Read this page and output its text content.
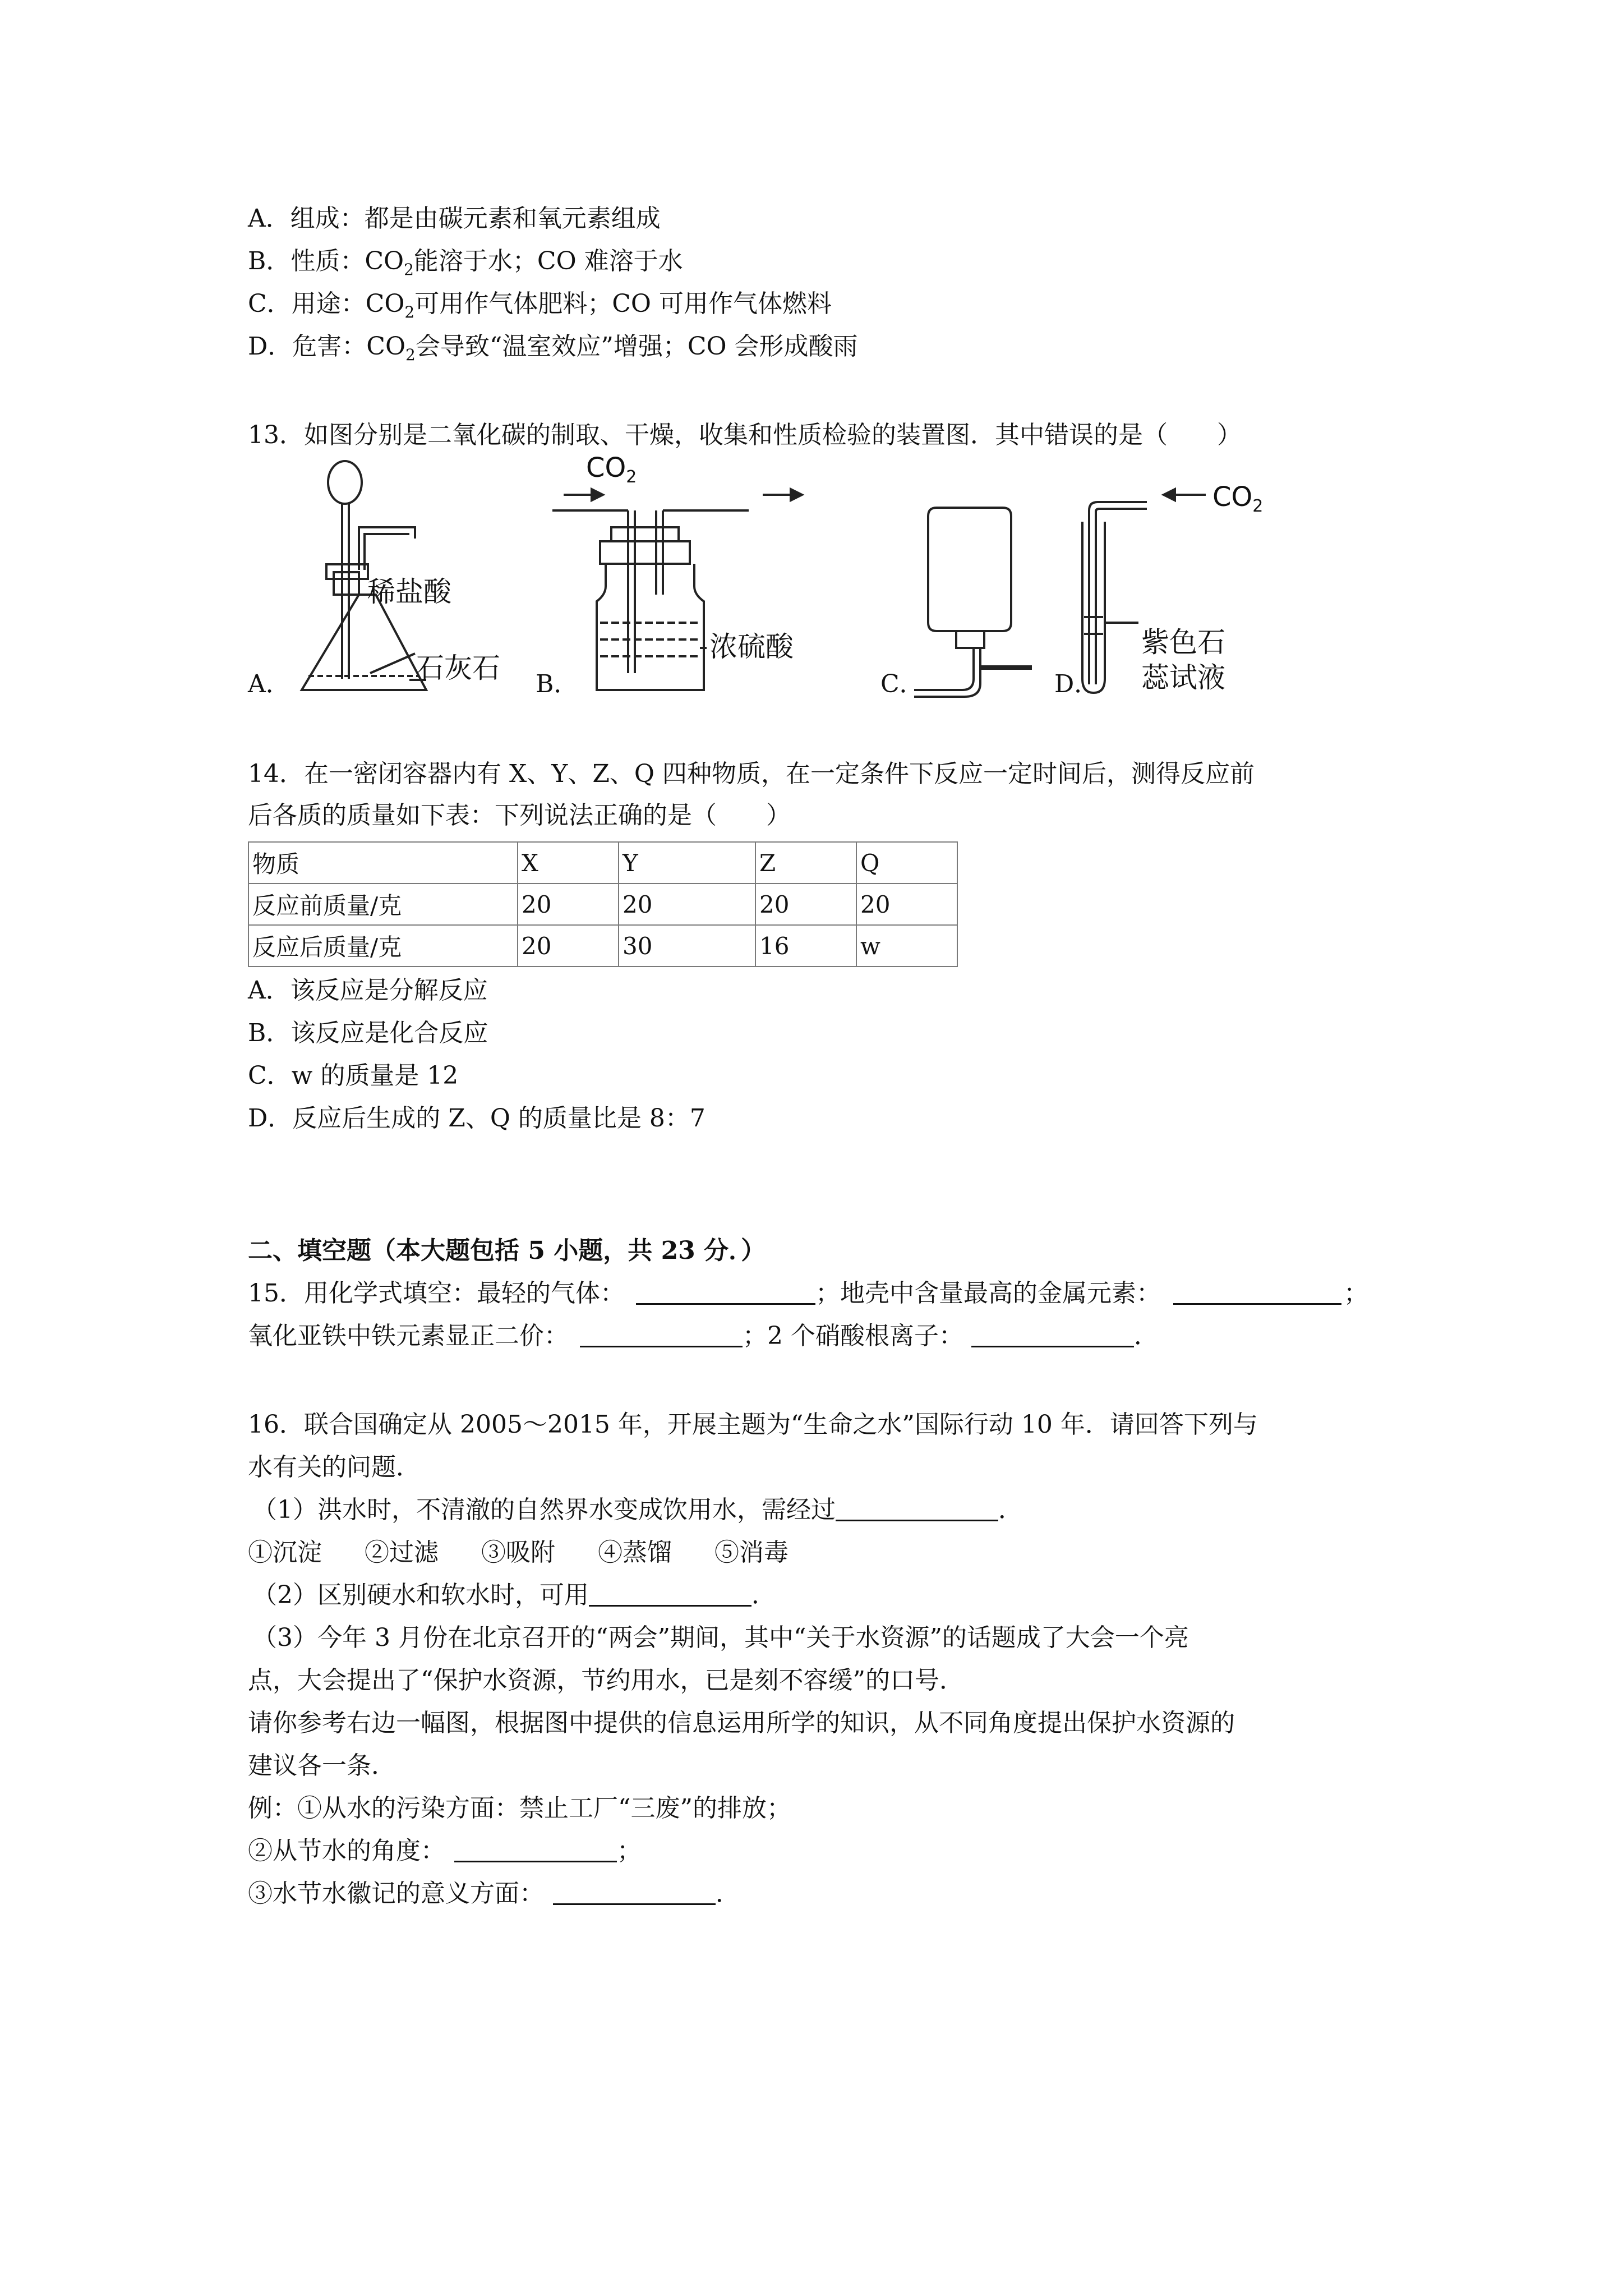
A．组成：都是由碳元素和氧元素组成
B．性质：$CO_2$能溶于水；CO 难溶于水
C．用途：$CO_2$可用作气体肥料；CO 可用作气体燃料
D．危害：$CO_2$会导致“温室效应”增强；CO 会形成酸雨
13．如图分别是二氧化碳的制取、干燥，收集和性质检验的装置图．其中错误的是（　　）
稀盐酸
石灰石
$CO_2$
浓硫酸
$CO_2$
紫色石
蕊试液
A．	B．	C．	D．
14．在一密闭容器内有 X、Y、Z、Q 四种物质，在一定条件下反应一定时间后，测得反应前
后各质的质量如下表：下列说法正确的是（　　）
物质	X	Y	Z	Q
反应前质量/克	20	20	20	20
反应后质量/克	20	30	16	w
A．该反应是分解反应
B．该反应是化合反应
C．w 的质量是 12
D．反应后生成的 Z、Q 的质量比是 8：7
二、填空题（本大题包括 5 小题，共 23 分．）
15．用化学式填空：最轻的气体：	；地壳中含量最高的金属元素：	；
氧化亚铁中铁元素显正二价：	；2 个硝酸根离子：	．
16．联合国确定从 2005～2015 年，开展主题为“生命之水”国际行动 10 年．请回答下列与
水有关的问题．
（1）洪水时，不清澈的自然界水变成饮用水，需经过	．
①沉淀 ②过滤 ③吸附 ④蒸馏 ⑤消毒
（2）区别硬水和软水时，可用	．
（3）今年 3 月份在北京召开的“两会”期间，其中“关于水资源”的话题成了大会一个亮
点，大会提出了“保护水资源，节约用水，已是刻不容缓”的口号．
请你参考右边一幅图，根据图中提供的信息运用所学的知识，从不同角度提出保护水资源的
建议各一条．
例：①从水的污染方面：禁止工厂“三废”的排放；
②从节水的角度：	；
③水节水徽记的意义方面：	．
